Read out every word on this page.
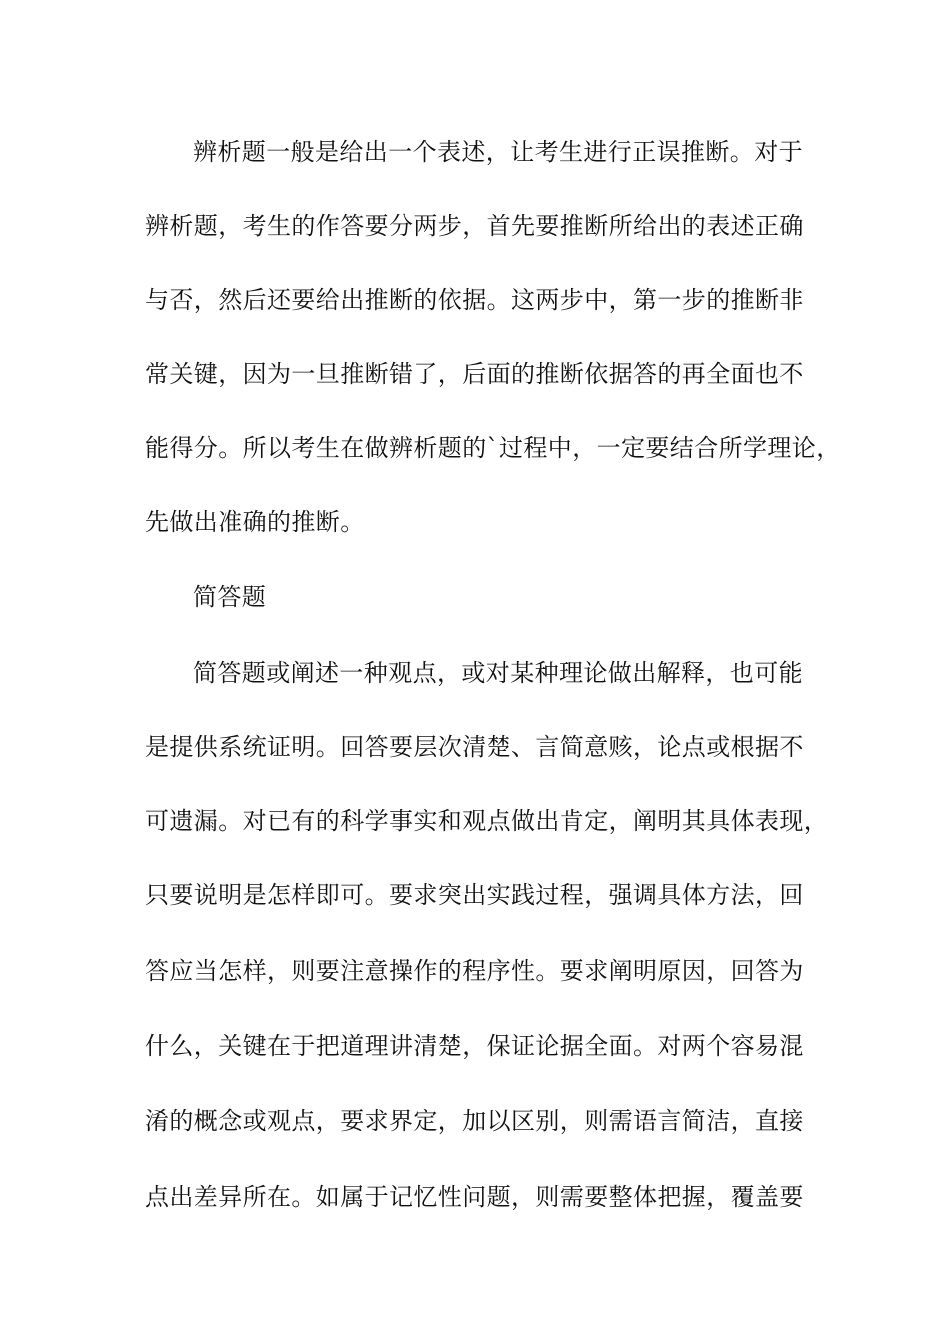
辨析题一般是给出一个表述，让考生进行正误推断。对于
辨析题，考生的作答要分两步，首先要推断所给出的表述正确
与否，然后还要给出推断的依据。这两步中，第一步的推断非
常关键，因为一旦推断错了，后面的推断依据答的再全面也不
能得分。所以考生在做辨析题的`过程中，一定要结合所学理论，
先做出准确的推断。
简答题
简答题或阐述一种观点，或对某种理论做出解释，也可能
是提供系统证明。回答要层次清楚、言简意赅，论点或根据不
可遗漏。对已有的科学事实和观点做出肯定，阐明其具体表现，
只要说明是怎样即可。要求突出实践过程，强调具体方法，回
答应当怎样，则要注意操作的程序性。要求阐明原因，回答为
什么，关键在于把道理讲清楚，保证论据全面。对两个容易混
淆的概念或观点，要求界定，加以区别，则需语言简洁，直接
点出差异所在。如属于记忆性问题，则需要整体把握，覆盖要
